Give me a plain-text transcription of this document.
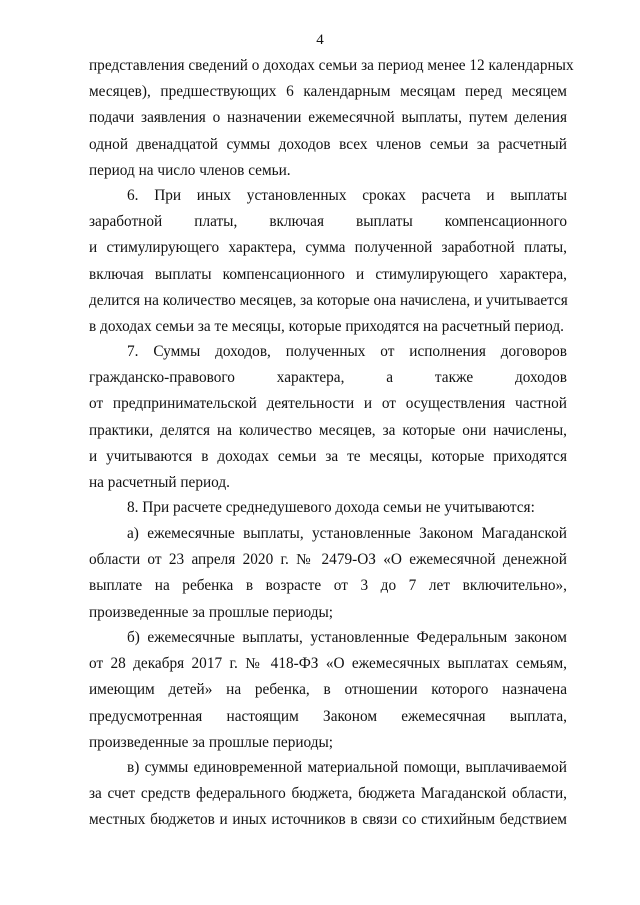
4
представления сведений о доходах семьи за период менее 12 календарных
месяцев), предшествующих 6 календарным месяцам перед месяцем
подачи заявления о назначении ежемесячной выплаты, путем деления
одной двенадцатой суммы доходов всех членов семьи за расчетный
период на число членов семьи.
6. При иных установленных сроках расчета и выплаты
заработной платы, включая выплаты компенсационного
и стимулирующего характера, сумма полученной заработной платы,
включая выплаты компенсационного и стимулирующего характера,
делится на количество месяцев, за которые она начислена, и учитывается
в доходах семьи за те месяцы, которые приходятся на расчетный период.
7. Суммы доходов, полученных от исполнения договоров
гражданско-правового характера, а также доходов
от предпринимательской деятельности и от осуществления частной
практики, делятся на количество месяцев, за которые они начислены,
и учитываются в доходах семьи за те месяцы, которые приходятся
на расчетный период.
8. При расчете среднедушевого дохода семьи не учитываются:
а) ежемесячные выплаты, установленные Законом Магаданской
области от 23 апреля 2020 г. № 2479-ОЗ «О ежемесячной денежной
выплате на ребенка в возрасте от 3 до 7 лет включительно»,
произведенные за прошлые периоды;
б) ежемесячные выплаты, установленные Федеральным законом
от 28 декабря 2017 г. № 418-ФЗ «О ежемесячных выплатах семьям,
имеющим детей» на ребенка, в отношении которого назначена
предусмотренная настоящим Законом ежемесячная выплата,
произведенные за прошлые периоды;
в) суммы единовременной материальной помощи, выплачиваемой
за счет средств федерального бюджета, бюджета Магаданской области,
местных бюджетов и иных источников в связи со стихийным бедствием
